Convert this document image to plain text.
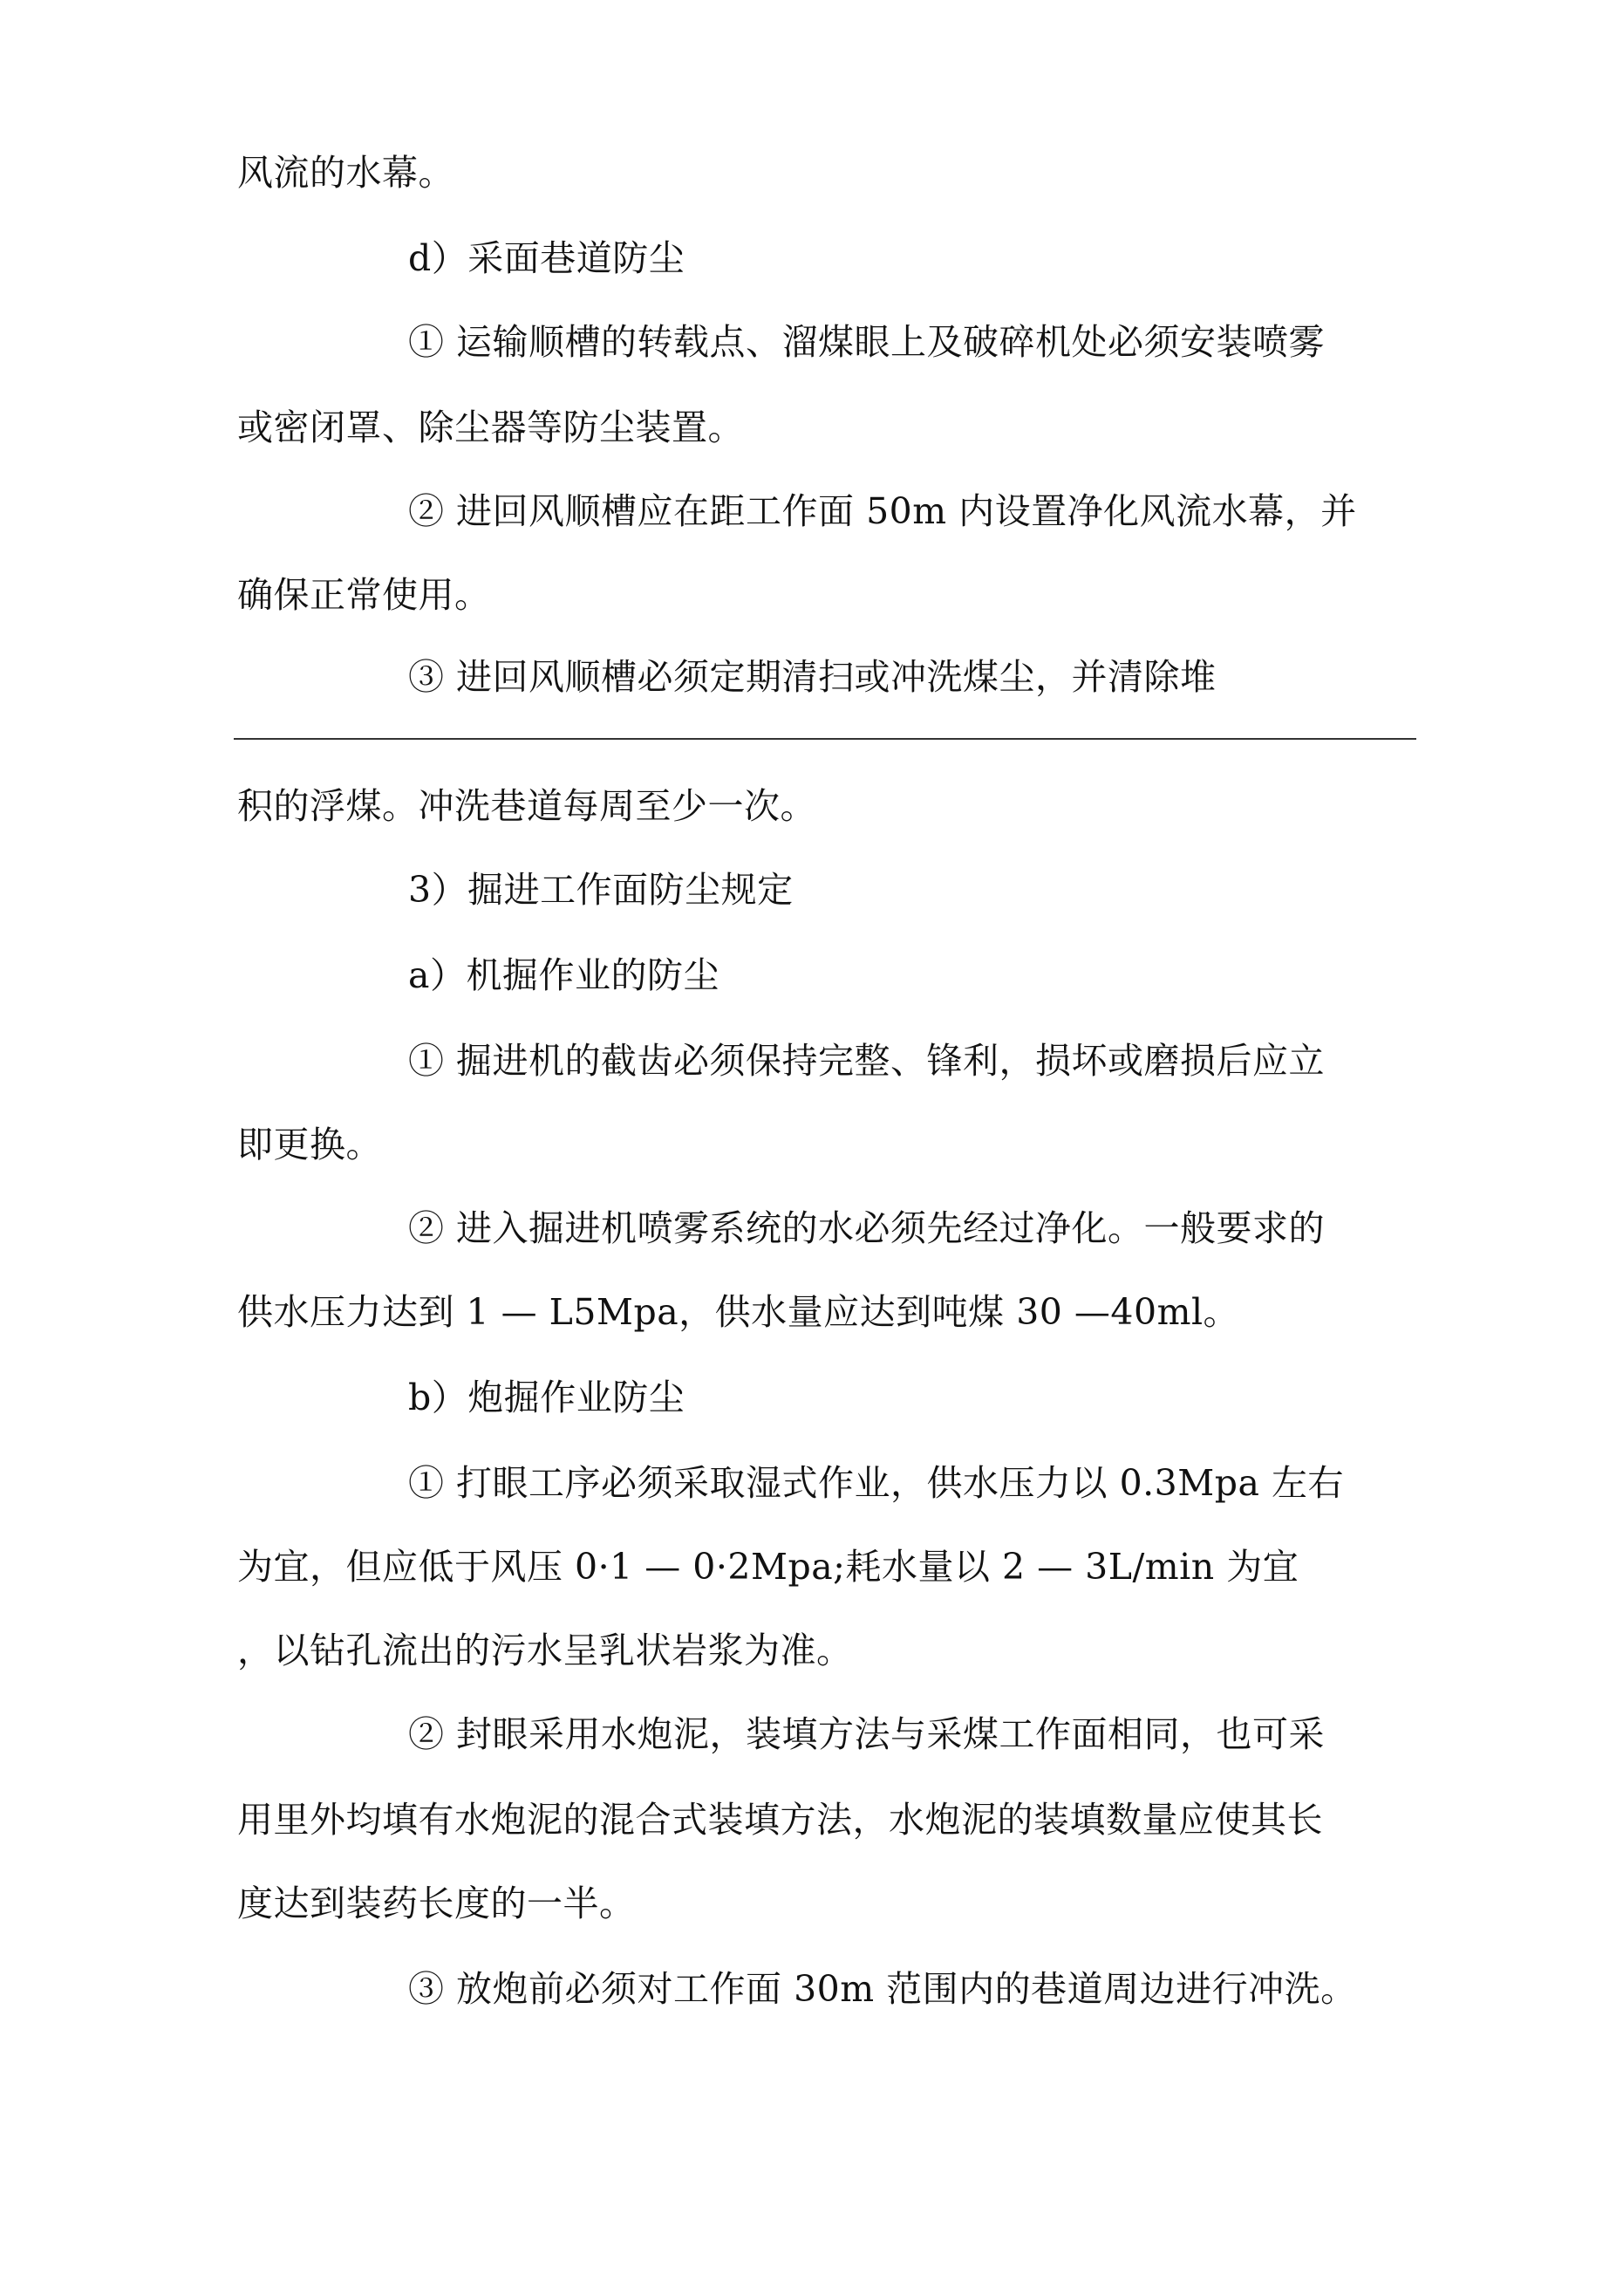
风流的水幕。
d）采面巷道防尘
① 运输顺槽的转载点、溜煤眼上及破碎机处必须安装喷雾
或密闭罩、除尘器等防尘装置。
② 进回风顺槽应在距工作面 50m 内设置净化风流水幕，并
确保正常使用。
③ 进回风顺槽必须定期清扫或冲洗煤尘，并清除堆
积的浮煤。冲洗巷道每周至少一次。
3）掘进工作面防尘规定
a）机掘作业的防尘
① 掘进机的截齿必须保持完整、锋利，损坏或磨损后应立
即更换。
② 进入掘进机喷雾系统的水必须先经过净化。一般要求的
供水压力达到 1 — L5Mpa，供水量应达到吨煤 30 —40ml。
b）炮掘作业防尘
① 打眼工序必须采取湿式作业，供水压力以 0.3Mpa 左右
为宜，但应低于风压 0·1 — 0·2Mpa;耗水量以 2 — 3L/min 为宜
，以钻孔流出的污水呈乳状岩浆为准。
② 封眼采用水炮泥，装填方法与采煤工作面相同，也可采
用里外均填有水炮泥的混合式装填方法，水炮泥的装填数量应使其长
度达到装药长度的一半。
③ 放炮前必须对工作面 30m 范围内的巷道周边进行冲洗。
